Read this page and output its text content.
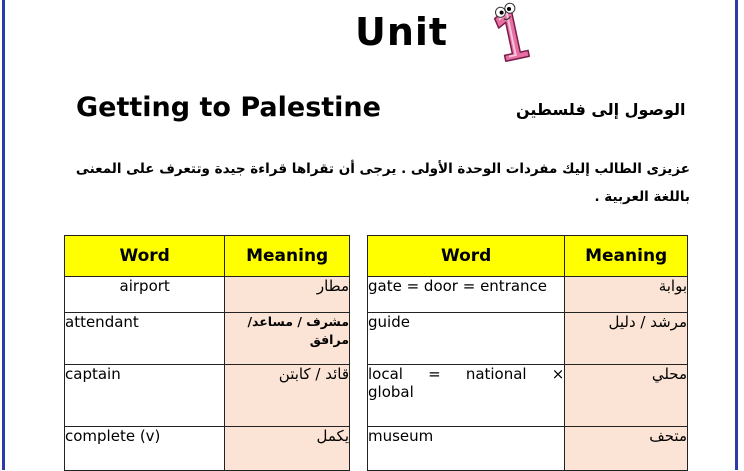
Unit
Getting to Palestine	الوصول إلى فلسطين
عزيزى الطالب إليك مفردات الوحدة الأولى . يرجى أن تقراها قراءة جيدة وتتعرف على المعنى باللغة العربية .
Word	Meaning
airport	مطار
attendant	مشرف / مساعد/ مرافق
captain	قائد / كابتن
complete (v)	يكمل
Word	Meaning
gate = door = entrance	بوابة
guide	مرشد / دليل

local = national ×
global	محلي
museum	متحف
